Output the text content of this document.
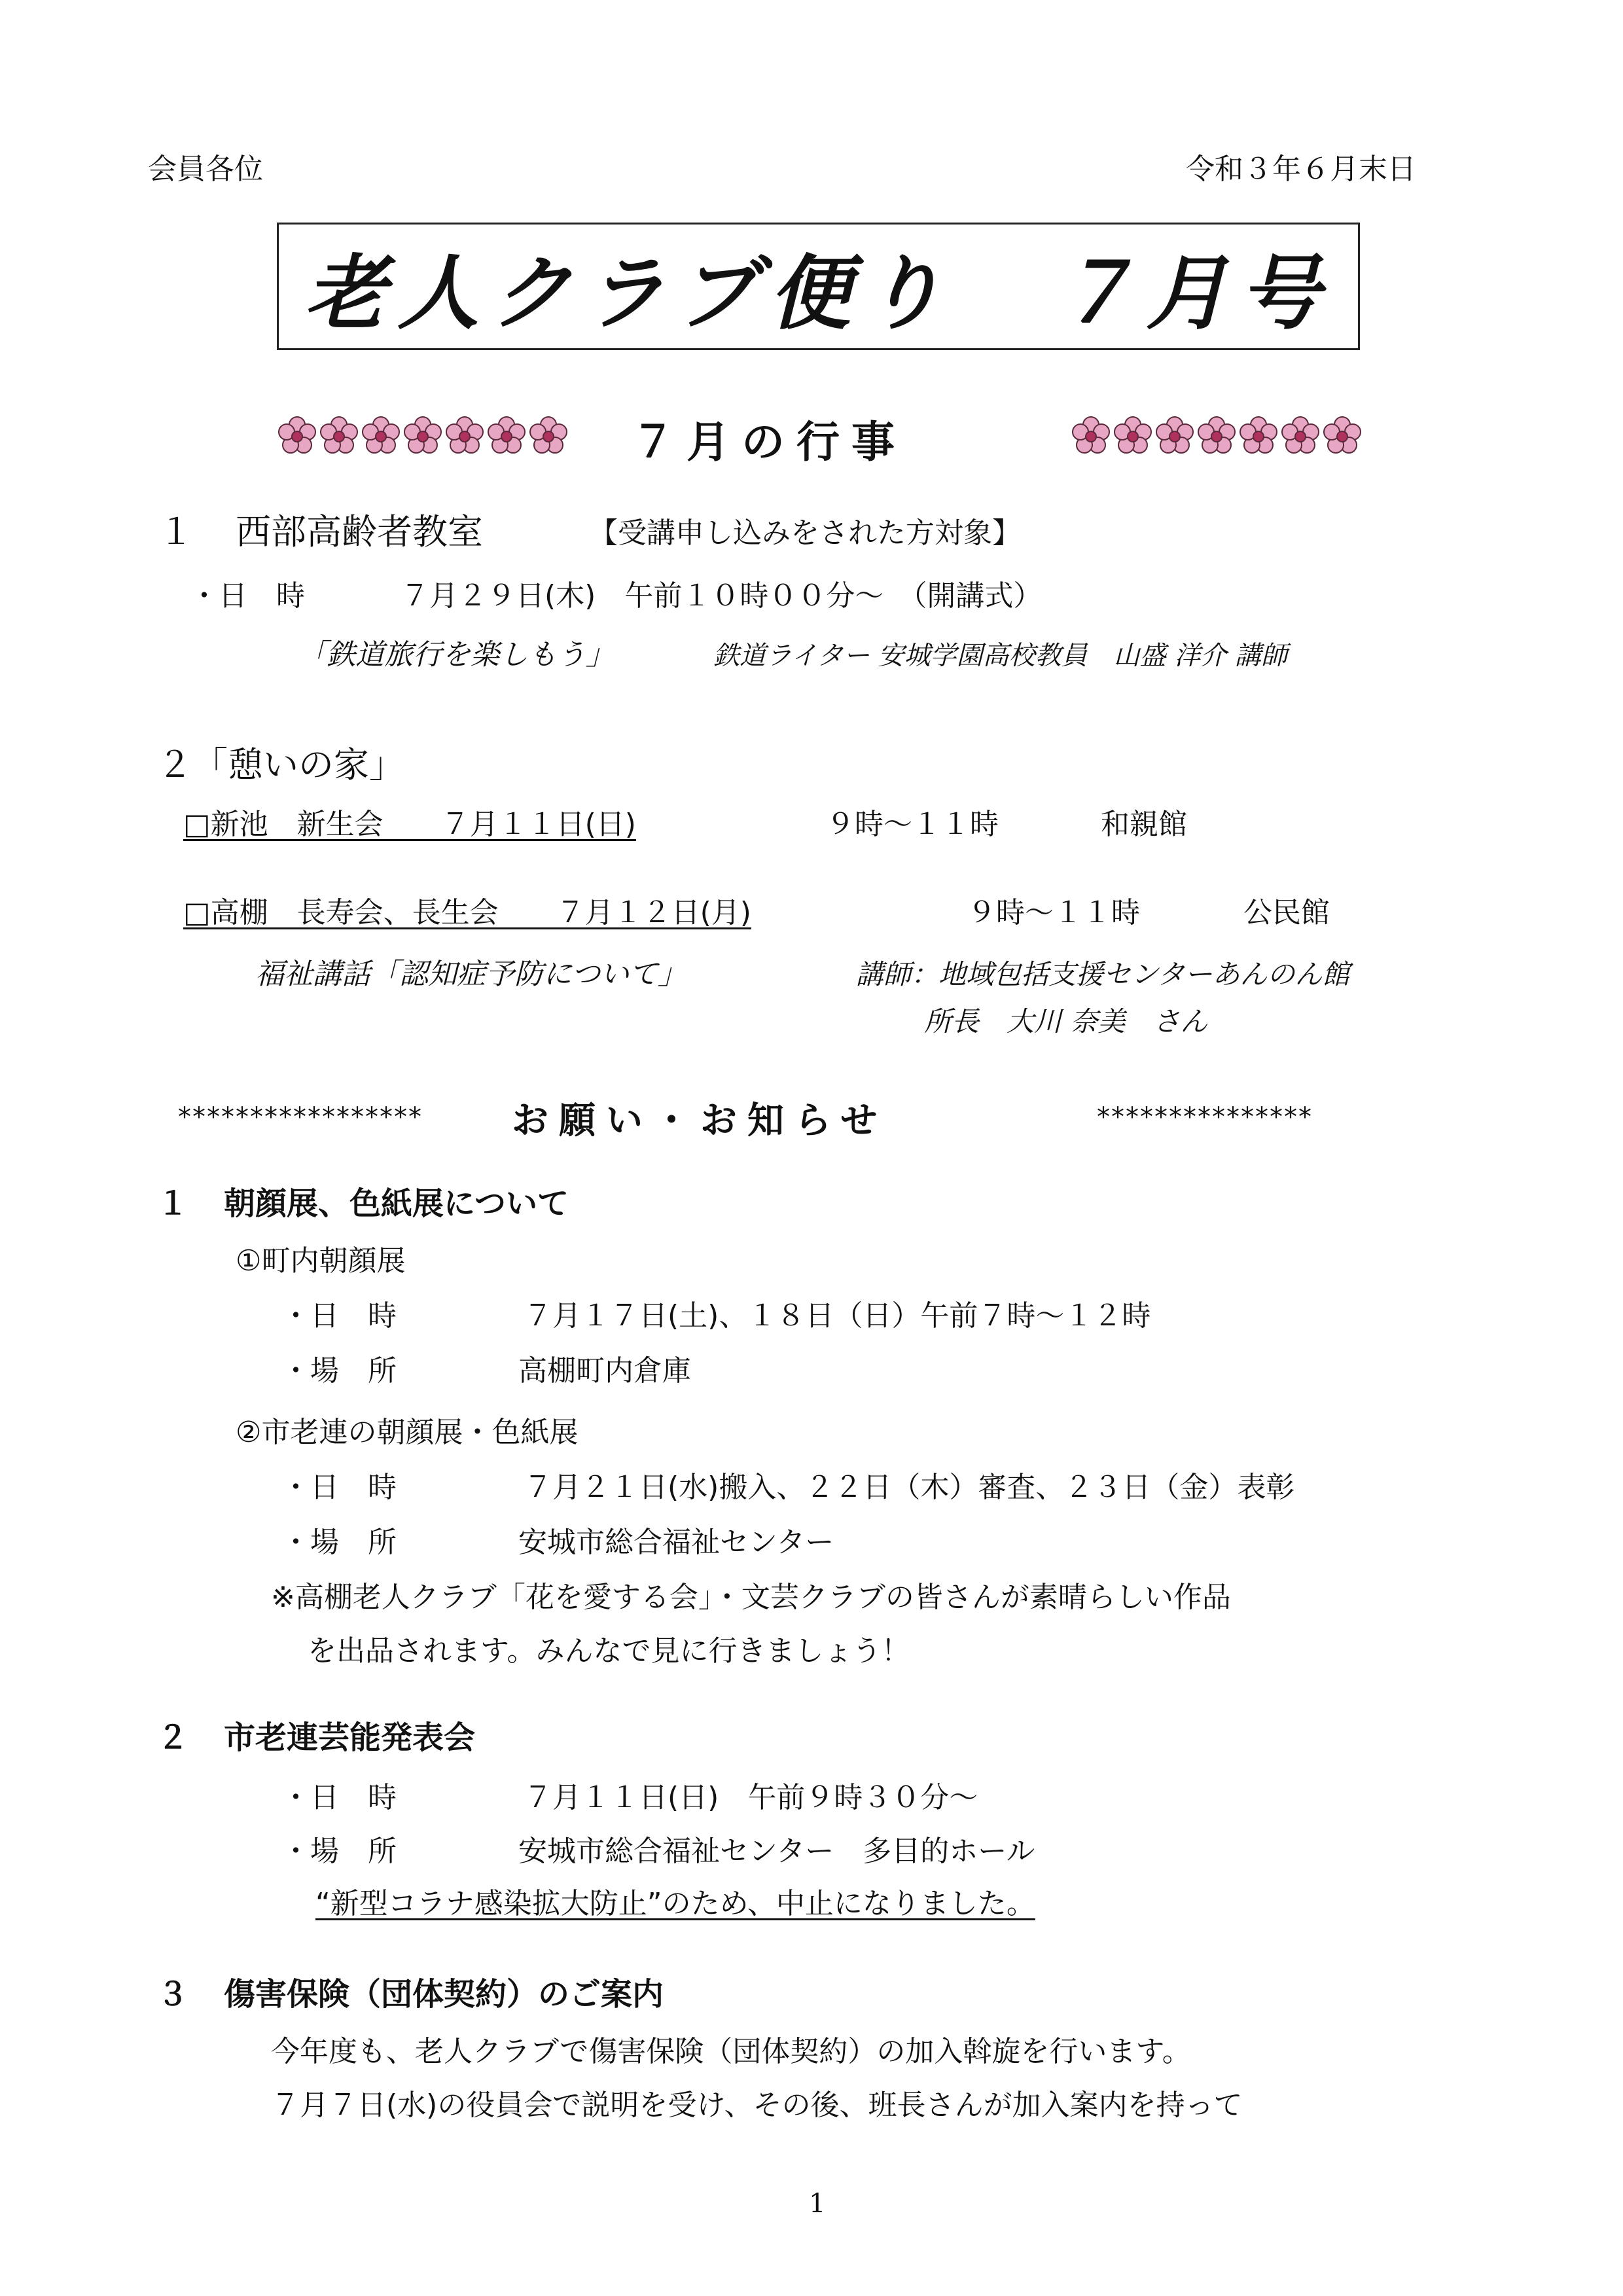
会員各位	令和３年６月末日
老人クラブ便り ７月号
７月の行事
１ 西部高齢者教室	【受講申し込みをされた方対象】
・日　時	７月２９日(木)　午前１０時００分～　（開講式）
「鉄道旅行を楽しもう」	鉄道ライター 安城学園高校教員　山盛 洋介 講師
２「憩いの家」
□新池　新生会　　７月１１日(日)	９時～１１時	和親館
□高棚　長寿会、長生会　　７月１２日(月)	９時～１１時	公民館
福祉講話「認知症予防について」	講師：地域包括支援センターあんのん館
所長　大川 奈美　さん
***************** お願い・お知らせ	***************
１ 朝顔展、色紙展について
①町内朝顔展
・日　時	７月１７日(土)、１８日（日）午前７時～１２時
・場　所	高棚町内倉庫
②市老連の朝顔展・色紙展
・日　時	７月２１日(水)搬入、２２日（木）審査、２３日（金）表彰
・場　所	安城市総合福祉センター
※高棚老人クラブ「花を愛する会」・文芸クラブの皆さんが素晴らしい作品
を出品されます。みんなで見に行きましょう！
２ 市老連芸能発表会
・日　時	７月１１日(日)　午前９時３０分～
・場　所	安城市総合福祉センター　多目的ホール
“新型コラナ感染拡大防止”のため、中止になりました。
３ 傷害保険（団体契約）のご案内
今年度も、老人クラブで傷害保険（団体契約）の加入斡旋を行います。
７月７日(水)の役員会で説明を受け、その後、班長さんが加入案内を持って
1
